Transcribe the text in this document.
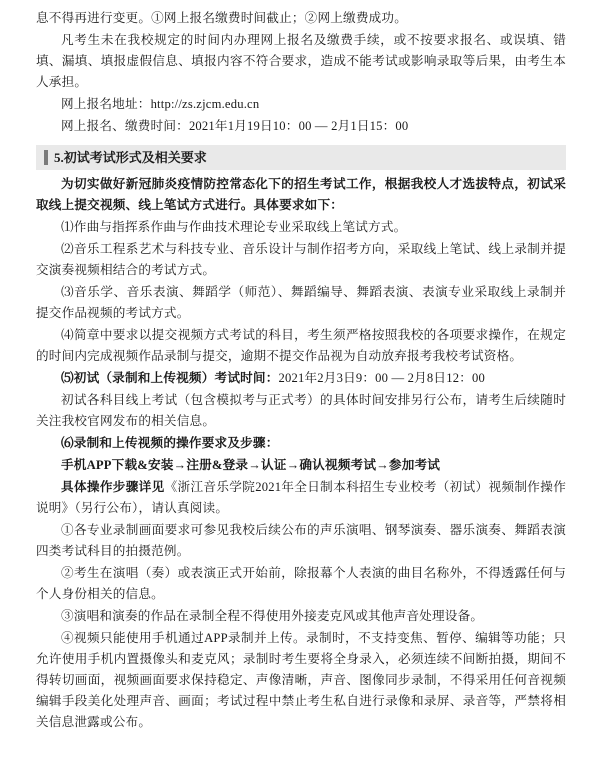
息不得再进行变更。①网上报名缴费时间截止；②网上缴费成功。

凡考生未在我校规定的时间内办理网上报名及缴费手续，或不按要求报名、或误填、错填、漏填、填报虚假信息、填报内容不符合要求，造成不能考试或影响录取等后果，由考生本人承担。

网上报名地址：http://zs.zjcm.edu.cn

网上报名、缴费时间：2021年1月19日10：00 — 2月1日15：00

5. 初试考试形式及相关要求

为切实做好新冠肺炎疫情防控常态化下的招生考试工作，根据我校人才选拔特点，初试采取线上提交视频、线上笔试方式进行。具体要求如下：

⑴作曲与指挥系作曲与作曲技术理论专业采取线上笔试方式。

⑵音乐工程系艺术与科技专业、音乐设计与制作招考方向，采取线上笔试、线上录制并提交演奏视频相结合的考试方式。

⑶音乐学、音乐表演、舞蹈学（师范）、舞蹈编导、舞蹈表演、表演专业采取线上录制并提交作品视频的考试方式。

⑷简章中要求以提交视频方式考试的科目，考生须严格按照我校的各项要求操作，在规定的时间内完成视频作品录制与提交，逾期不提交作品视为自动放弃报考我校考试资格。

⑸初试（录制和上传视频）考试时间：2021年2月3日9：00 — 2月8日12：00

初试各科目线上考试（包含模拟考与正式考）的具体时间安排另行公布，请考生后续随时关注我校官网发布的相关信息。

⑹录制和上传视频的操作要求及步骤：

手机APP下载&安装→注册&登录→认证→确认视频考试→参加考试

具体操作步骤详见《浙江音乐学院2021年全日制本科招生专业校考（初试）视频制作操作说明》（另行公布），请认真阅读。

①各专业录制画面要求可参见我校后续公布的声乐演唱、钢琴演奏、器乐演奏、舞蹈表演四类考试科目的拍摄范例。

②考生在演唱（奏）或表演正式开始前，除报幕个人表演的曲目名称外，不得透露任何与个人身份相关的信息。

③演唱和演奏的作品在录制全程不得使用外接麦克风或其他声音处理设备。

④视频只能使用手机通过APP录制并上传。录制时，不支持变焦、暂停、编辑等功能；只允许使用手机内置摄像头和麦克风；录制时考生要将全身录入，必须连续不间断拍摄，期间不得转切画面，视频画面要求保持稳定、声像清晰，声音、图像同步录制，不得采用任何音视频编辑手段美化处理声音、画面；考试过程中禁止考生私自进行录像和录屏、录音等，严禁将相关信息泄露或公布。
